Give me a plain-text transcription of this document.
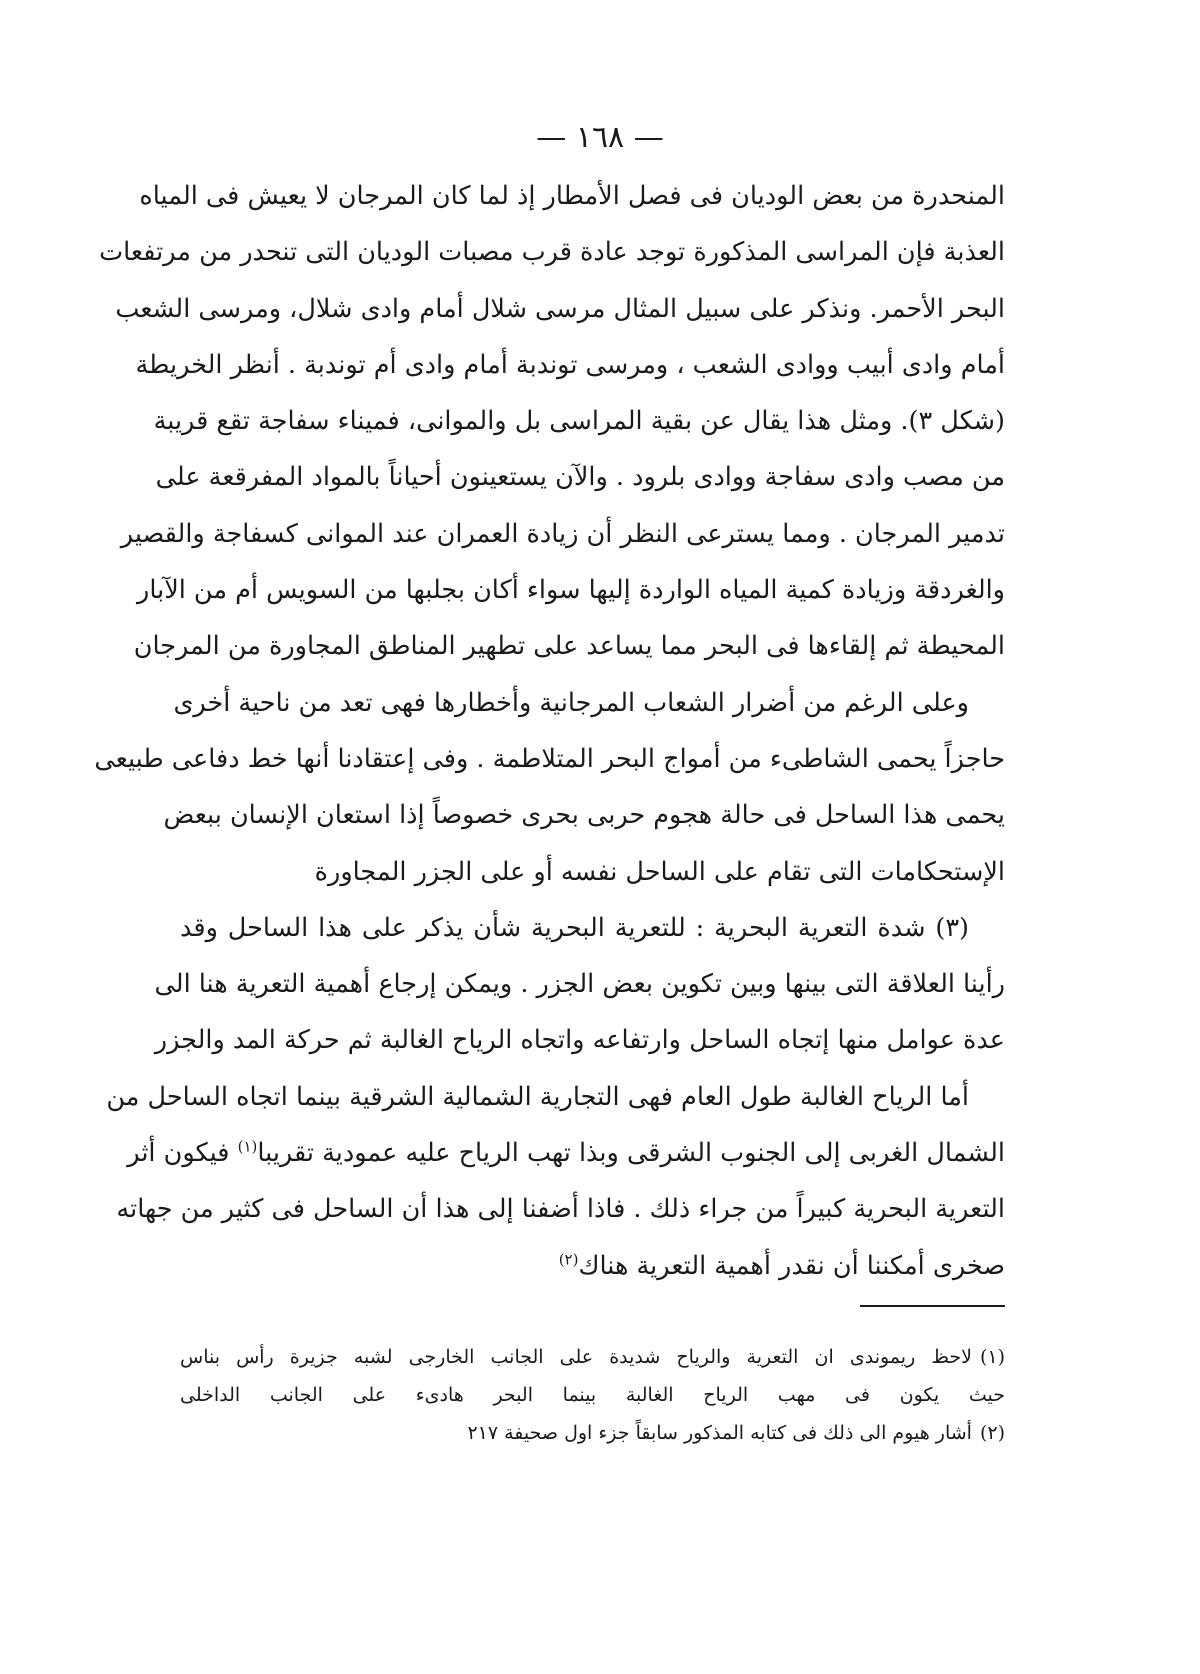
— ١٦٨ —
المنحدرة من بعض الوديان فى فصل الأمطار إذ لما كان المرجان لا يعيش فى المياه
العذبة فإن المراسى المذكورة توجد عادة قرب مصبات الوديان التى تنحدر من مرتفعات
البحر الأحمر. ونذكر على سبيل المثال مرسى شلال أمام وادى شلال، ومرسى الشعب
أمام وادى أبيب ووادى الشعب ، ومرسى توندبة أمام وادى أم توندبة . أنظر الخريطة
(شكل ٣). ومثل هذا يقال عن بقية المراسى بل والموانى، فميناء سفاجة تقع قريبة
من مصب وادى سفاجة ووادى بلرود . والآن يستعينون أحياناً بالمواد المفرقعة على
تدمير المرجان . ومما يسترعى النظر أن زيادة العمران عند الموانى كسفاجة والقصير
والغردقة وزيادة كمية المياه الواردة إليها سواء أكان بجلبها من السويس أم من الآبار
المحيطة ثم إلقاءها فى البحر مما يساعد على تطهير المناطق المجاورة من المرجان
وعلى الرغم من أضرار الشعاب المرجانية وأخطارها فهى تعد من ناحية أخرى
حاجزاً يحمى الشاطىء من أمواج البحر المتلاطمة . وفى إعتقادنا أنها خط دفاعى طبيعى
يحمى هذا الساحل فى حالة هجوم حربى بحرى خصوصاً إذا استعان الإنسان ببعض
الإستحكامات التى تقام على الساحل نفسه أو على الجزر المجاورة
(٣) شدة التعرية البحرية : للتعرية البحرية شأن يذكر على هذا الساحل وقد
رأينا العلاقة التى بينها وبين تكوين بعض الجزر . ويمكن إرجاع أهمية التعرية هنا الى
عدة عوامل منها إتجاه الساحل وارتفاعه واتجاه الرياح الغالبة ثم حركة المد والجزر
أما الرياح الغالبة طول العام فهى التجارية الشمالية الشرقية بينما اتجاه الساحل من
الشمال الغربى إلى الجنوب الشرقى وبذا تهب الرياح عليه عمودية تقريبا$^{(١)}$ فيكون أثر
التعرية البحرية كبيراً من جراء ذلك . فاذا أضفنا إلى هذا أن الساحل فى كثير من جهاته
صخرى أمكننا أن نقدر أهمية التعرية هناك$^{(٢)}$
(١)لاحظ ريموندى ان التعرية والرياح شديدة على الجانب الخارجى لشبه جزيرة رأس بناس
حيث يكون فى مهب الرياح الغالبة بينما البحر هادىء على الجانب الداخلى
(٢)أشار هيوم الى ذلك فى كتابه المذكور سابقاً جزء اول صحيفة ٢١٧
